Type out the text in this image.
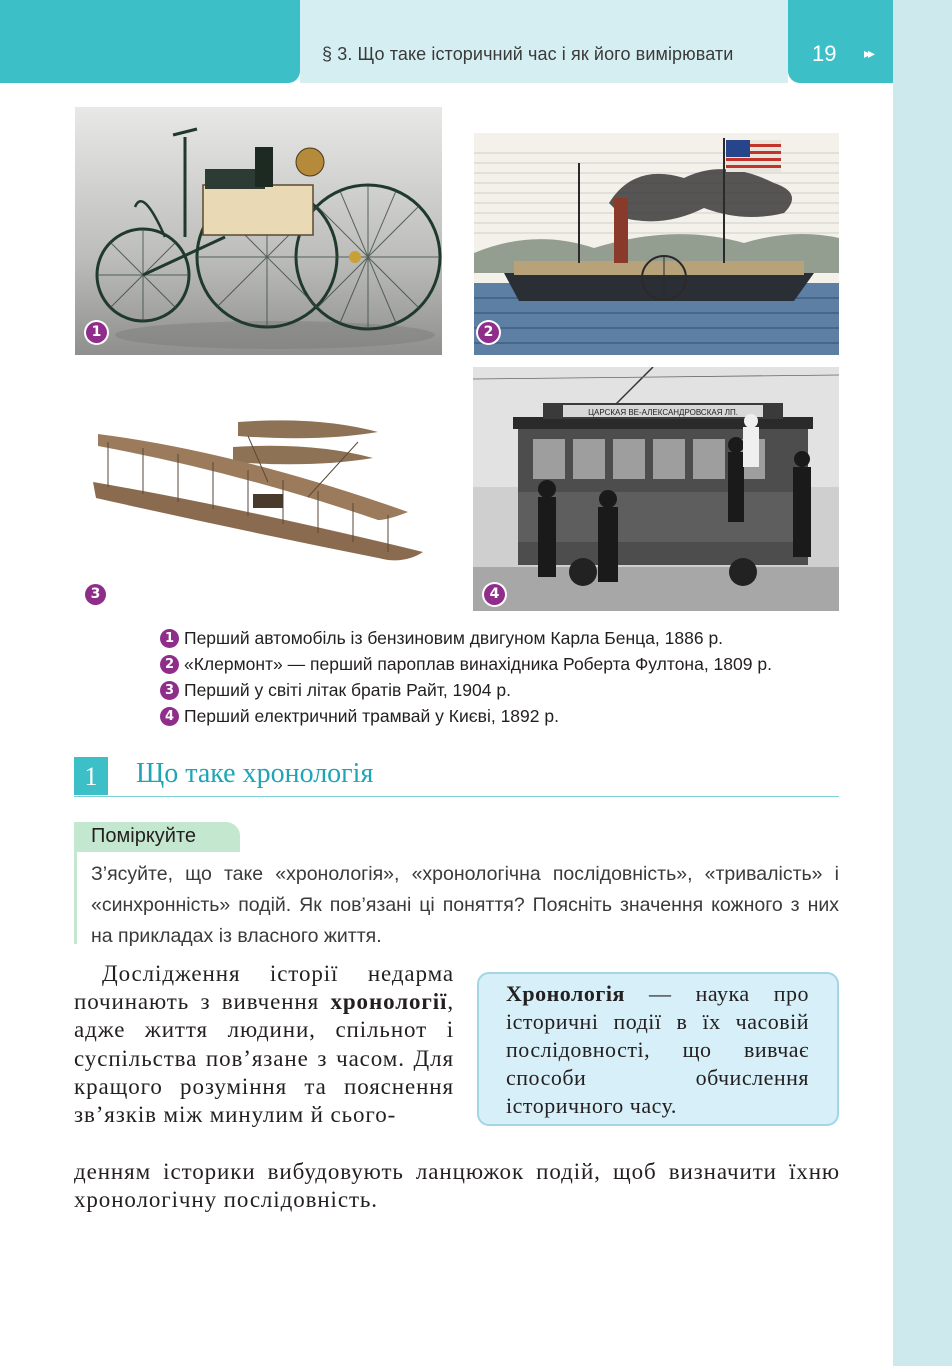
§ 3. Що таке історичний час і як його вимірювати	19 ▸▸
1	2
3
ЦАРСКАЯ ВЕ-АЛЕКСАНДРОВСКАЯ ЛП.
4
1 Перший автомобіль із бензиновим двигуном Карла Бенца, 1886 р.
2 «Клермонт» — перший пароплав винахідника Роберта Фултона, 1809 р.
3 Перший у світі літак братів Райт, 1904 р.
4 Перший електричний трамвай у Києві, 1892 р.
1	Що таке хронологія
Поміркуйте
З’ясуйте, що таке «хронологія», «хронологічна послідовність», «тривалість» і «синхронність» подій. Як пов’язані ці поняття? Поясніть значення кожного з них на прикладах із власного життя.
Дослідження історії недарма починають з вивчення хронології, адже життя людини, спільнот і суспільства пов’язане з часом. Для кращого розуміння та пояснення зв’язків між минулим й сього-
денням історики вибудовують ланцюжок подій, щоб визначити їхню хронологічну послідовність.
Хронологія — наука про історичні події в їх часовій послідовності, що вивчає способи обчислення історичного часу.
